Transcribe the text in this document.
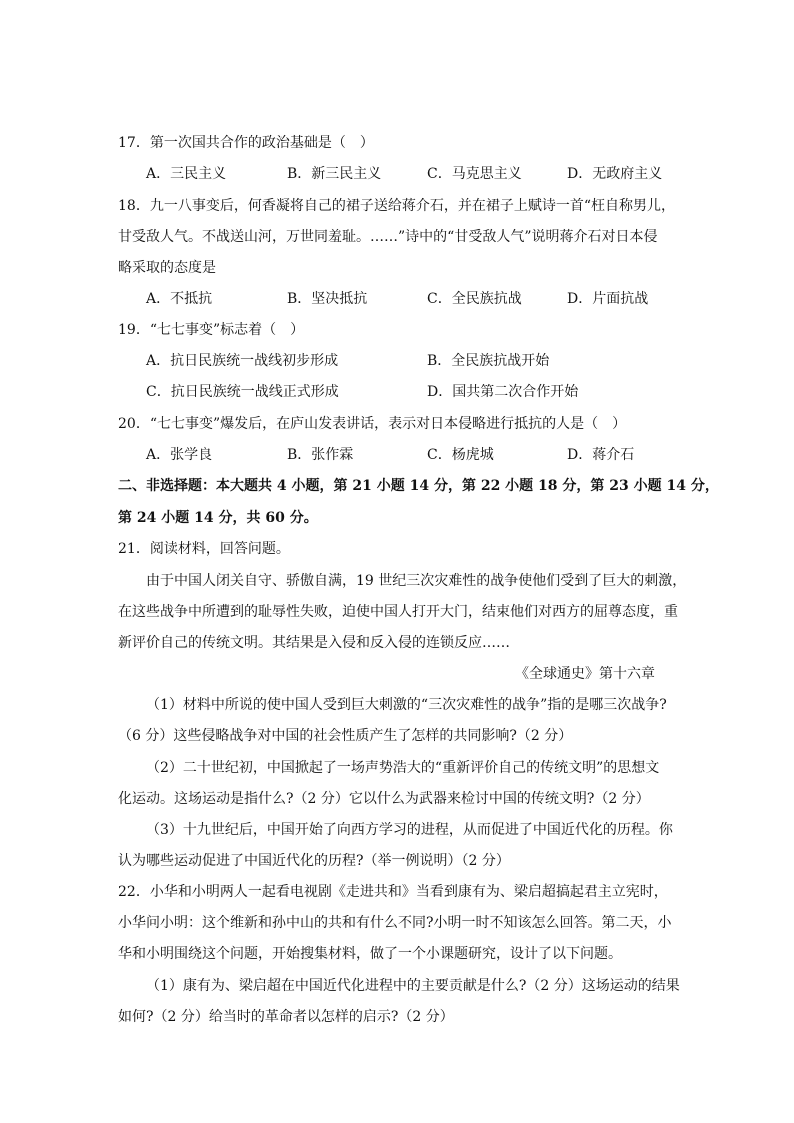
17．第一次国共合作的政治基础是（　）
A．三民主义	B．新三民主义	C．马克思主义	D．无政府主义
18．九一八事变后，何香凝将自己的裙子送给蒋介石，并在裙子上赋诗一首“枉自称男儿，
甘受敌人气。不战送山河，万世同羞耻。……”诗中的“甘受敌人气”说明蒋介石对日本侵
略采取的态度是
A．不抵抗	B．坚决抵抗	C．全民族抗战	D．片面抗战
19．“七七事变”标志着（　）
A．抗日民族统一战线初步形成	B．全民族抗战开始
C．抗日民族统一战线正式形成	D．国共第二次合作开始
20．“七七事变”爆发后，在庐山发表讲话，表示对日本侵略进行抵抗的人是（　）
A．张学良	B．张作霖	C．杨虎城	D．蒋介石
二、非选择题：本大题共 4 小题，第 21 小题 14 分，第 22 小题 18 分，第 23 小题 14 分，
第 24 小题 14 分，共 60 分。
21．阅读材料，回答问题。
由于中国人闭关自守、骄傲自满，19 世纪三次灾难性的战争使他们受到了巨大的刺激，
在这些战争中所遭到的耻辱性失败，迫使中国人打开大门，结束他们对西方的屈尊态度，重
新评价自己的传统文明。其结果是入侵和反入侵的连锁反应……
《全球通史》第十六章
（1）材料中所说的使中国人受到巨大刺激的“三次灾难性的战争”指的是哪三次战争?
（6 分）这些侵略战争对中国的社会性质产生了怎样的共同影响?（2 分）
（2）二十世纪初，中国掀起了一场声势浩大的“重新评价自己的传统文明”的思想文
化运动。这场运动是指什么?（2 分）它以什么为武器来检讨中国的传统文明?（2 分）
（3）十九世纪后，中国开始了向西方学习的进程，从而促进了中国近代化的历程。你
认为哪些运动促进了中国近代化的历程?（举一例说明）（2 分）
22．小华和小明两人一起看电视剧《走进共和》当看到康有为、梁启超搞起君主立宪时，
小华问小明：这个维新和孙中山的共和有什么不同?小明一时不知该怎么回答。第二天，小
华和小明围绕这个问题，开始搜集材料，做了一个小课题研究，设计了以下问题。
（1）康有为、梁启超在中国近代化进程中的主要贡献是什么?（2 分）这场运动的结果
如何?（2 分）给当时的革命者以怎样的启示?（2 分）
